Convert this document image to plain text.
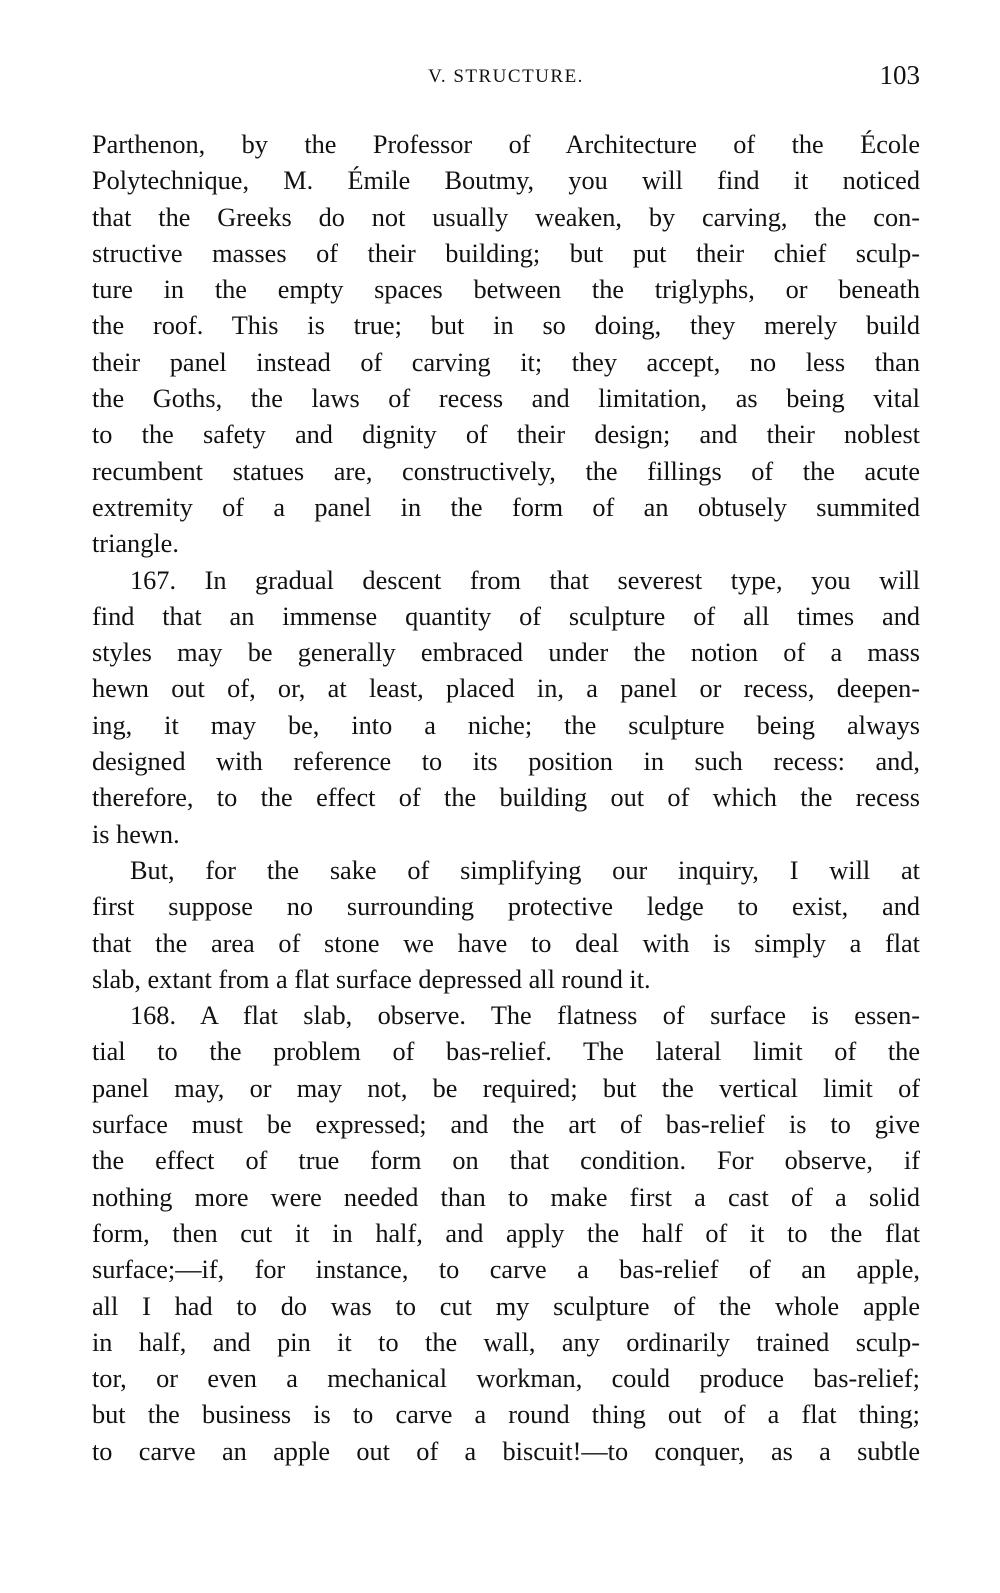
V. STRUCTURE.	103
Parthenon, by the Professor of Architecture of the École
Polytechnique, M. Émile Boutmy, you will find it noticed
that the Greeks do not usually weaken, by carving, the con-
structive masses of their building; but put their chief sculp-
ture in the empty spaces between the triglyphs, or beneath
the roof. This is true; but in so doing, they merely build
their panel instead of carving it; they accept, no less than
the Goths, the laws of recess and limitation, as being vital
to the safety and dignity of their design; and their noblest
recumbent statues are, constructively, the fillings of the acute
extremity of a panel in the form of an obtusely summited
triangle.
167. In gradual descent from that severest type, you will
find that an immense quantity of sculpture of all times and
styles may be generally embraced under the notion of a mass
hewn out of, or, at least, placed in, a panel or recess, deepen-
ing, it may be, into a niche; the sculpture being always
designed with reference to its position in such recess: and,
therefore, to the effect of the building out of which the recess
is hewn.
But, for the sake of simplifying our inquiry, I will at
first suppose no surrounding protective ledge to exist, and
that the area of stone we have to deal with is simply a flat
slab, extant from a flat surface depressed all round it.
168. A flat slab, observe. The flatness of surface is essen-
tial to the problem of bas-relief. The lateral limit of the
panel may, or may not, be required; but the vertical limit of
surface must be expressed; and the art of bas-relief is to give
the effect of true form on that condition. For observe, if
nothing more were needed than to make first a cast of a solid
form, then cut it in half, and apply the half of it to the flat
surface;—if, for instance, to carve a bas-relief of an apple,
all I had to do was to cut my sculpture of the whole apple
in half, and pin it to the wall, any ordinarily trained sculp-
tor, or even a mechanical workman, could produce bas-relief;
but the business is to carve a round thing out of a flat thing;
to carve an apple out of a biscuit!—to conquer, as a subtle
